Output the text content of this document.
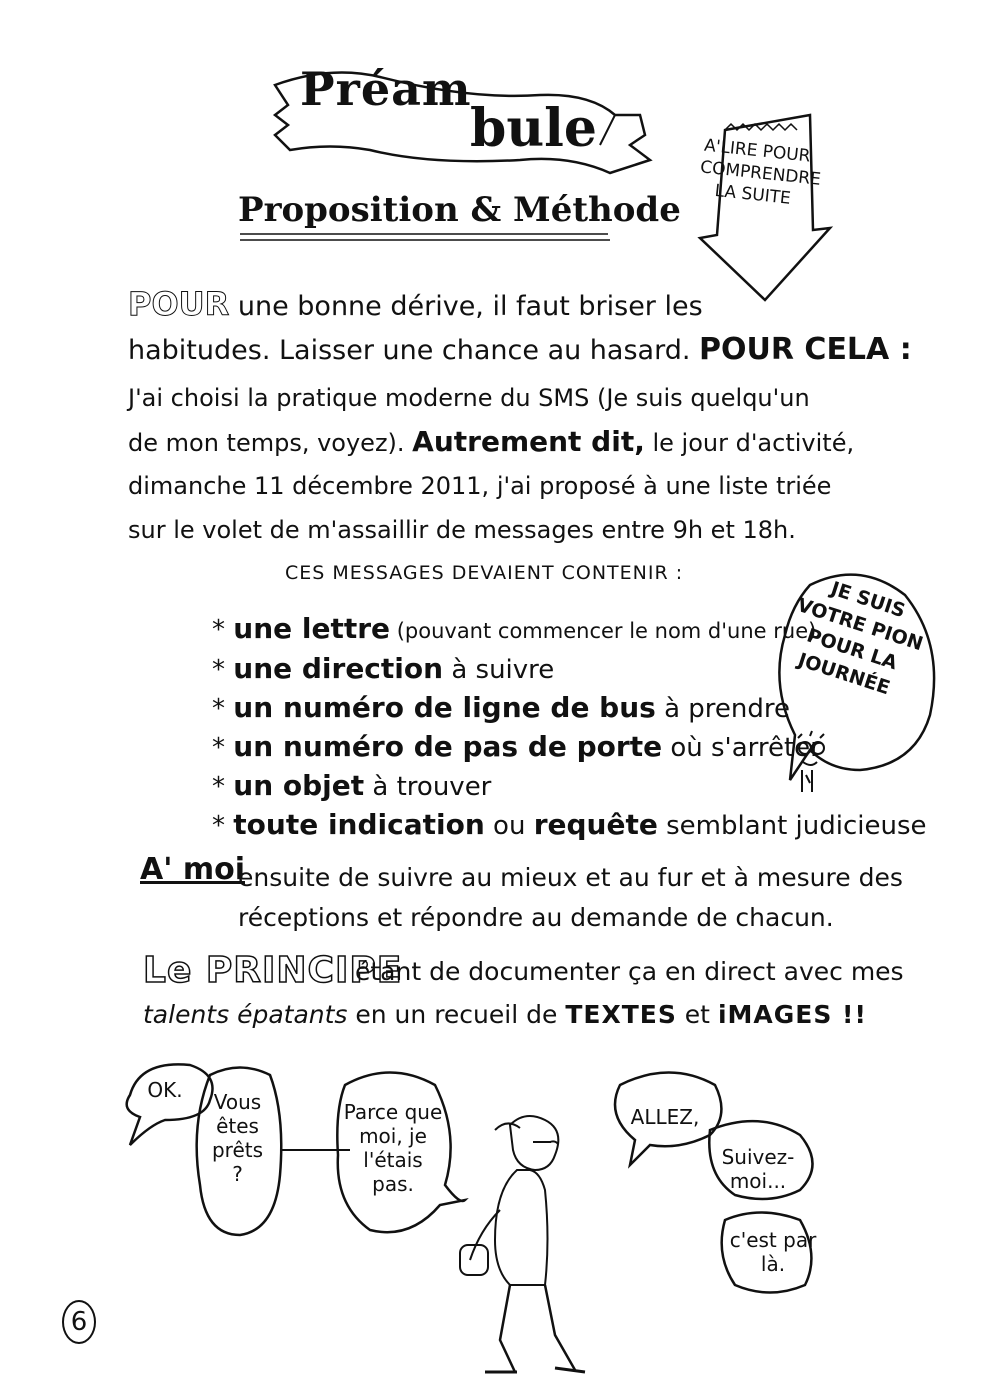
Préam
bule
Proposition & Méthode
A'LIRE POUR COMPRENDRE LA SUITE
POUR une bonne dérive, il faut briser les
habitudes. Laisser une chance au hasard. POUR CELA :
J'ai choisi la pratique moderne du SMS (Je suis quelqu'un
de mon temps, voyez). Autrement dit, le jour d'activité,
dimanche 11 décembre 2011, j'ai proposé à une liste triée
sur le volet de m'assaillir de messages entre 9h et 18h.
CES MESSAGES DEVAIENT CONTENIR :
* une lettre (pouvant commencer le nom d'une rue)
* une direction à suivre
* un numéro de ligne de bus à prendre
* un numéro de pas de porte où s'arrêter
* un objet à trouver
* toute indication ou requête semblant judicieuse
JE SUIS VOTRE PION POUR LA JOURNÉE
A' moi
ensuite de suivre au mieux et au fur et à mesure des
réceptions et répondre au demande de chacun.
Le PRINCIPE
étant de documenter ça en direct avec mes
talents épatants en un recueil de TEXTES et iMAGES !!
OK.	Vous êtes prêts ?
Parce que moi, je l'étais pas.
ALLEZ,
Suivez-moi...
c'est par là.
6
